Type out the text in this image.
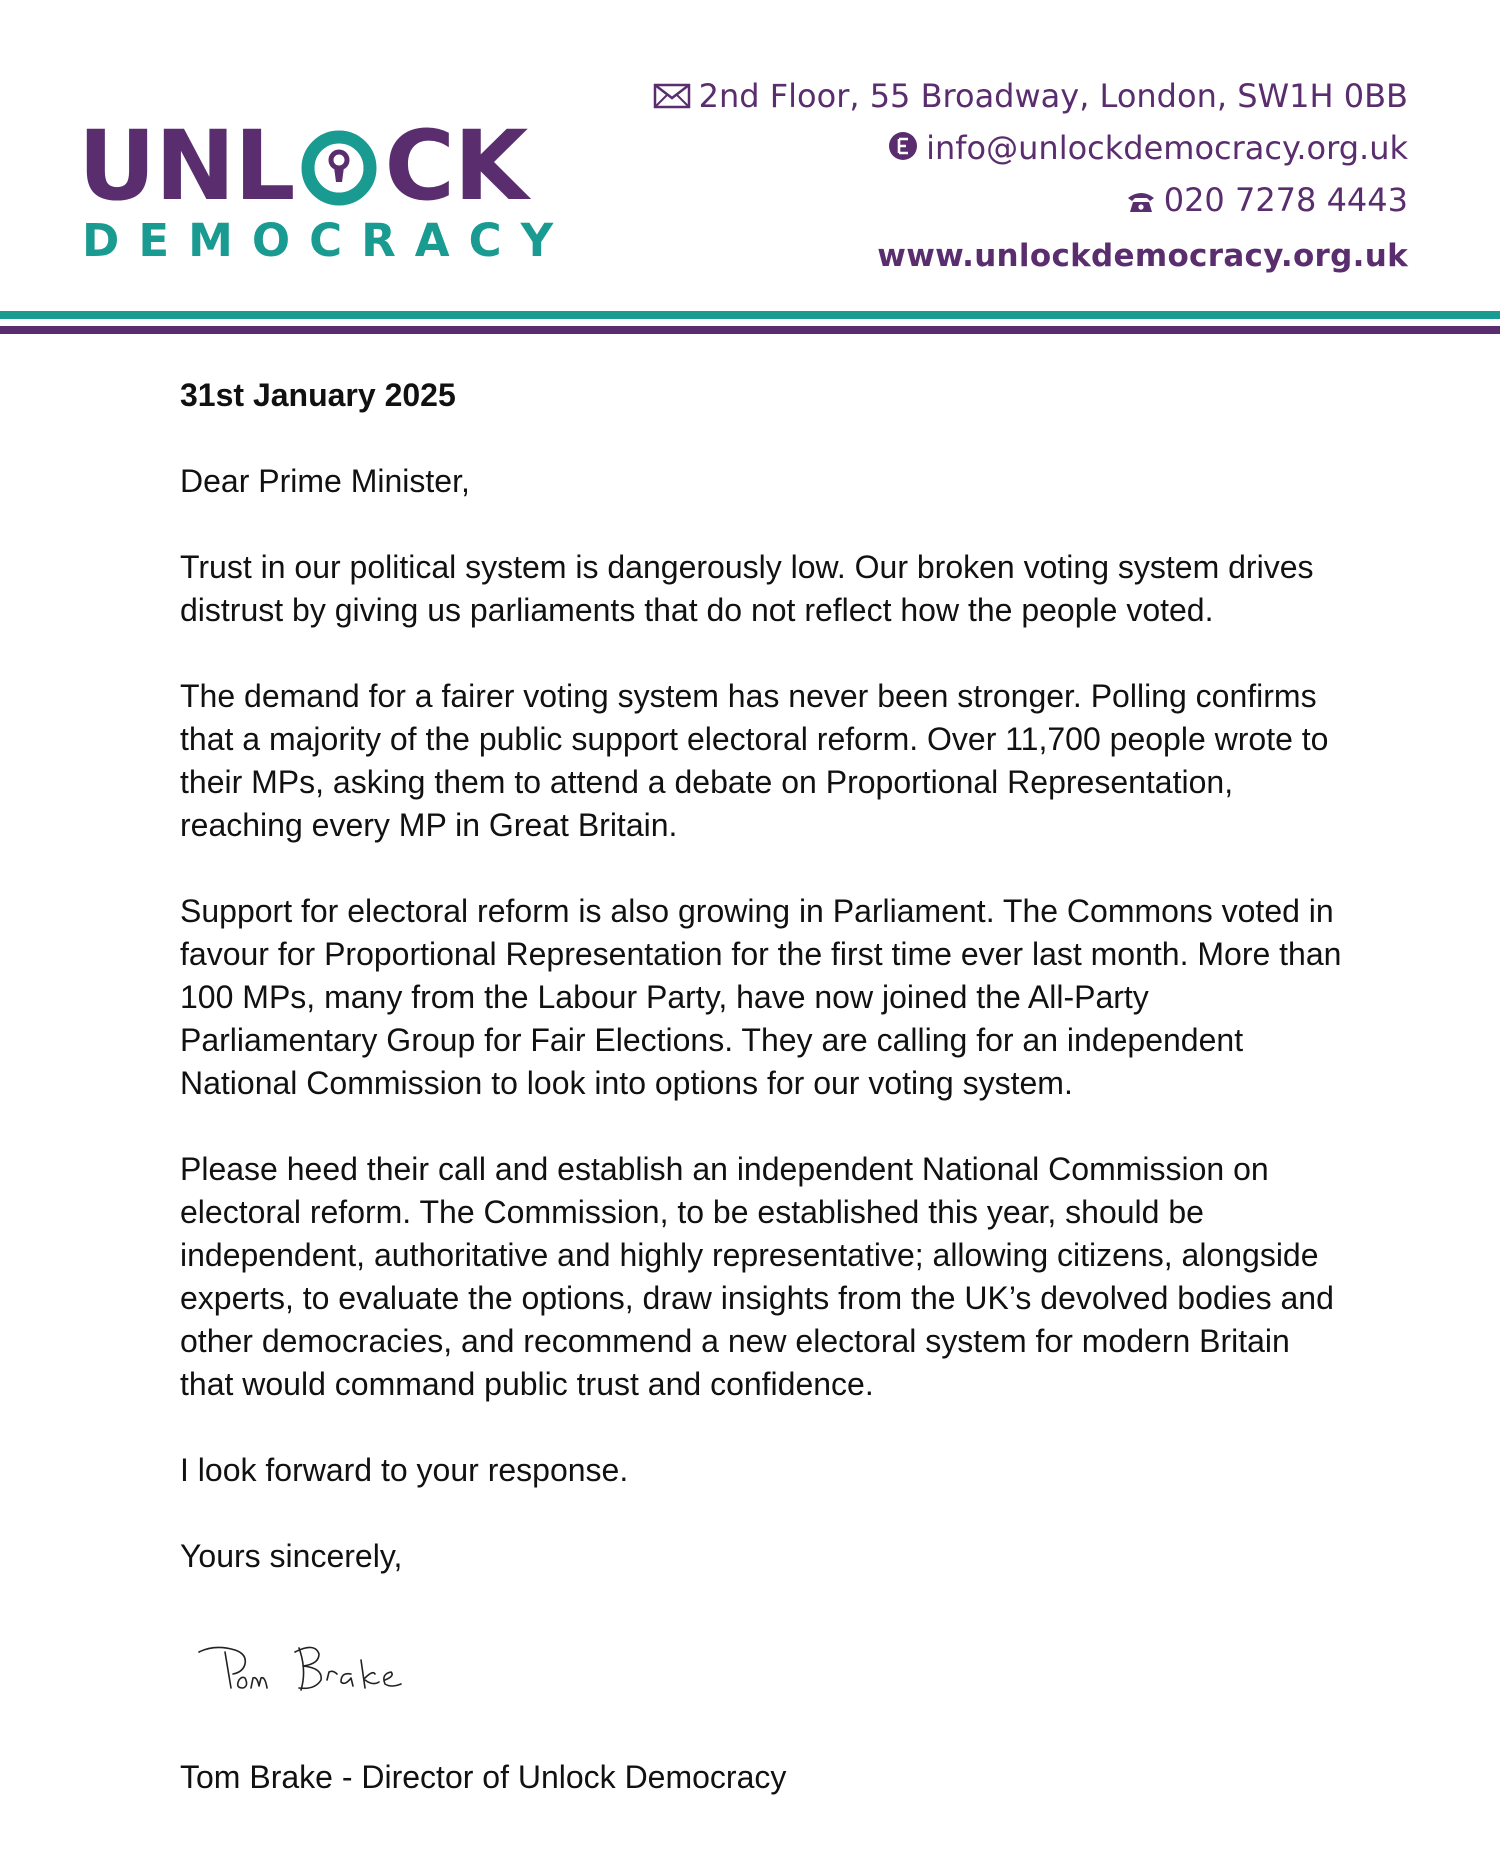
UNL CK
DEMOCRACY
2nd Floor, 55 Broadway, London, SW1H 0BB
info@unlockdemocracy.org.uk
020 7278 4443
www.unlockdemocracy.org.uk

31st January 2025

Dear Prime Minister,

Trust in our political system is dangerously low. Our broken voting system drives distrust by giving us parliaments that do not reflect how the people voted.

The demand for a fairer voting system has never been stronger. Polling confirms that a majority of the public support electoral reform. Over 11,700 people wrote to their MPs, asking them to attend a debate on Proportional Representation, reaching every MP in Great Britain.

Support for electoral reform is also growing in Parliament. The Commons voted in favour for Proportional Representation for the first time ever last month. More than 100 MPs, many from the Labour Party, have now joined the All-Party Parliamentary Group for Fair Elections. They are calling for an independent National Commission to look into options for our voting system.

Please heed their call and establish an independent National Commission on electoral reform. The Commission, to be established this year, should be independent, authoritative and highly representative; allowing citizens, alongside experts, to evaluate the options, draw insights from the UK’s devolved bodies and other democracies, and recommend a new electoral system for modern Britain that would command public trust and confidence.

I look forward to your response.

Yours sincerely,

Tom Brake - Director of Unlock Democracy
